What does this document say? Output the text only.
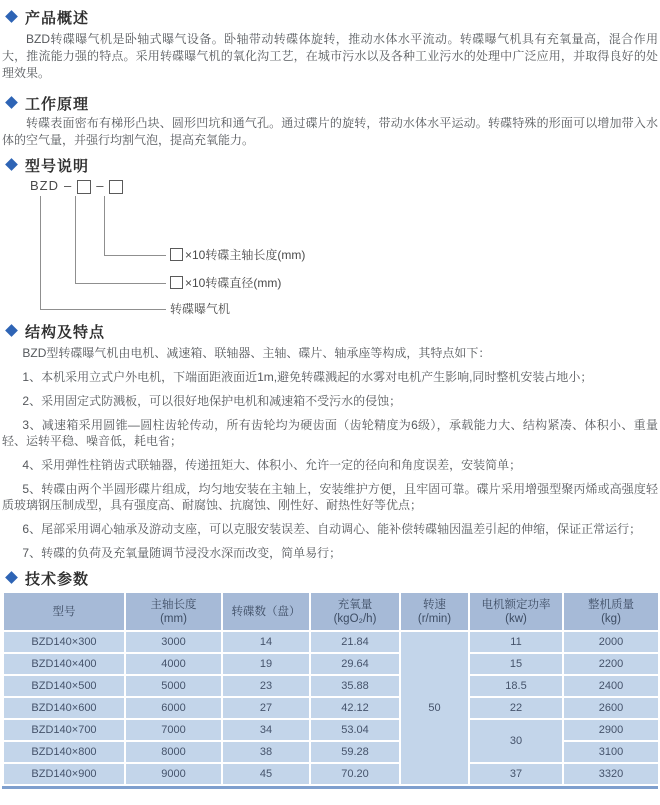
产品概述

BZD转碟曝气机是卧轴式曝气设备。卧轴带动转碟体旋转，推动水体水平流动。转碟曝气机具有充氧量高，混合作用大，推流能力强的特点。采用转碟曝气机的氧化沟工艺，在城市污水以及各种工业污水的处理中广泛应用，并取得良好的处理效果。

工作原理

转碟表面密布有梯形凸块、圆形凹坑和通气孔。通过碟片的旋转，带动水体水平运动。转碟特殊的形面可以增加带入水体的空气量，并强行均割气泡，提高充氧能力。

型号说明
BZD – –
×10转碟主轴长度(mm)
×10转碟直径(mm)
转碟曝气机
结构及特点

BZD型转碟曝气机由电机、减速箱、联轴器、主轴、碟片、轴承座等构成，其特点如下：

1、本机采用立式户外电机，下端面距液面近1m,避免转碟溅起的水雾对电机产生影响,同时整机安装占地小；

2、采用固定式防溅板，可以很好地保护电机和减速箱不受污水的侵蚀；

3、减速箱采用圆锥—圆柱齿轮传动，所有齿轮均为硬齿面（齿轮精度为6级），承载能力大、结构紧凑、体积小、重量轻、运转平稳、噪音低，耗电省；

4、采用弹性柱销齿式联轴器，传递扭矩大、体积小、允许一定的径向和角度误差，安装简单；

5、转碟由两个半圆形碟片组成，均匀地安装在主轴上，安装维护方便，且牢固可靠。碟片采用增强型聚丙烯或高强度轻质玻璃钢压制成型，具有强度高、耐腐蚀、抗腐蚀、刚性好、耐热性好等优点；

6、尾部采用调心轴承及游动支座，可以克服安装误差、自动调心、能补偿转碟轴因温差引起的伸缩，保证正常运行；

7、转碟的负荷及充氧量随调节浸没水深而改变，简单易行；

技术参数
型号

主轴长度
(mm)

转碟数（盘）

充氧量
(kgO₂/h)

转速
(r/min)

电机额定功率
(kw)

整机质量
(kg)

BZD140×300	3000	14	21.84	50	11	2000
BZD140×400	4000	19	29.64		15	2200
BZD140×500	5000	23	35.88		18.5	2400
BZD140×600	6000	27	42.12		22	2600
BZD140×700	7000	34	53.04		30	2900
BZD140×800	8000	38	59.28			3100
BZD140×900	9000	45	70.20		37	3320
